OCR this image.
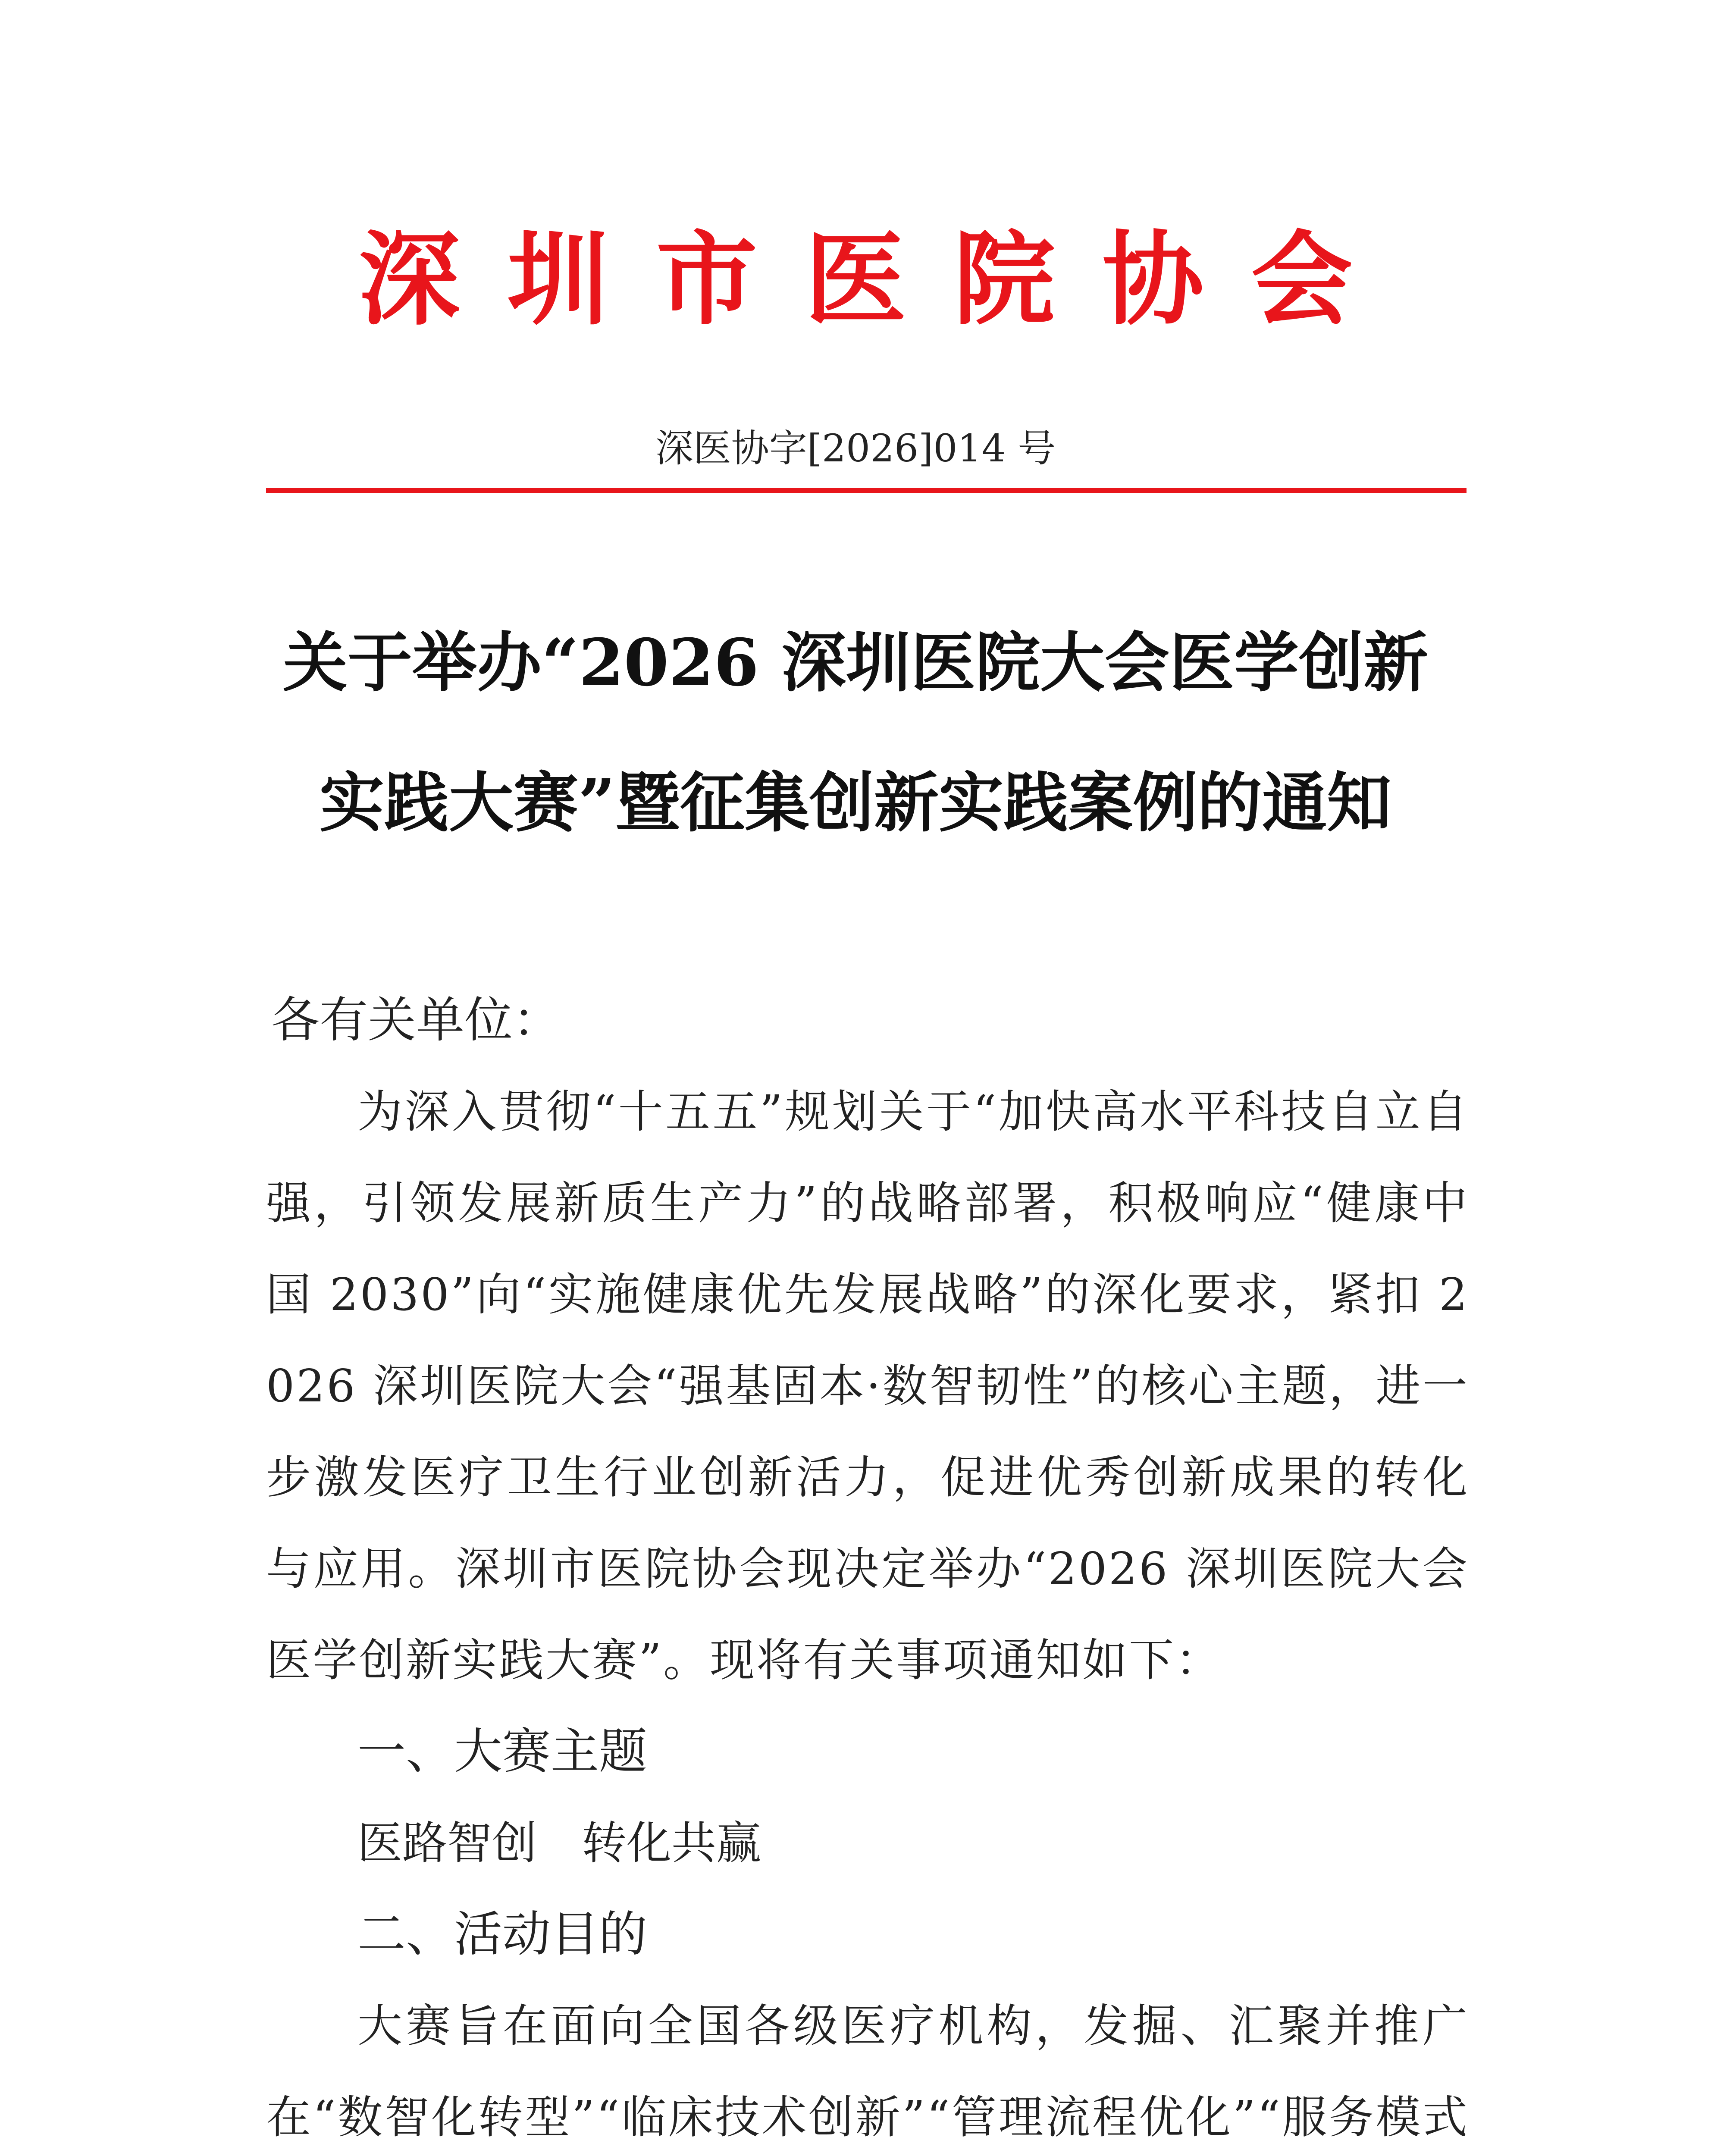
深圳市医院协会
深医协字[2026]014 号
关于举办“2026 深圳医院大会医学创新
实践大赛”暨征集创新实践案例的通知
各有关单位：
为深入贯彻“十五五”规划关于“加快高水平科技自立自强，引领发展新质生产力”的战略部署，积极响应“健康中国 2030”向“实施健康优先发展战略”的深化要求，紧扣 2026 深圳医院大会“强基固本·数智韧性”的核心主题，进一步激发医疗卫生行业创新活力，促进优秀创新成果的转化与应用。深圳市医院协会现决定举办“2026 深圳医院大会医学创新实践大赛”。现将有关事项通知如下：
一、大赛主题
医路智创　转化共赢
二、活动目的
大赛旨在面向全国各级医疗机构，发掘、汇聚并推广在“数智化转型”“临床技术创新”“管理流程优化”“服务模式
